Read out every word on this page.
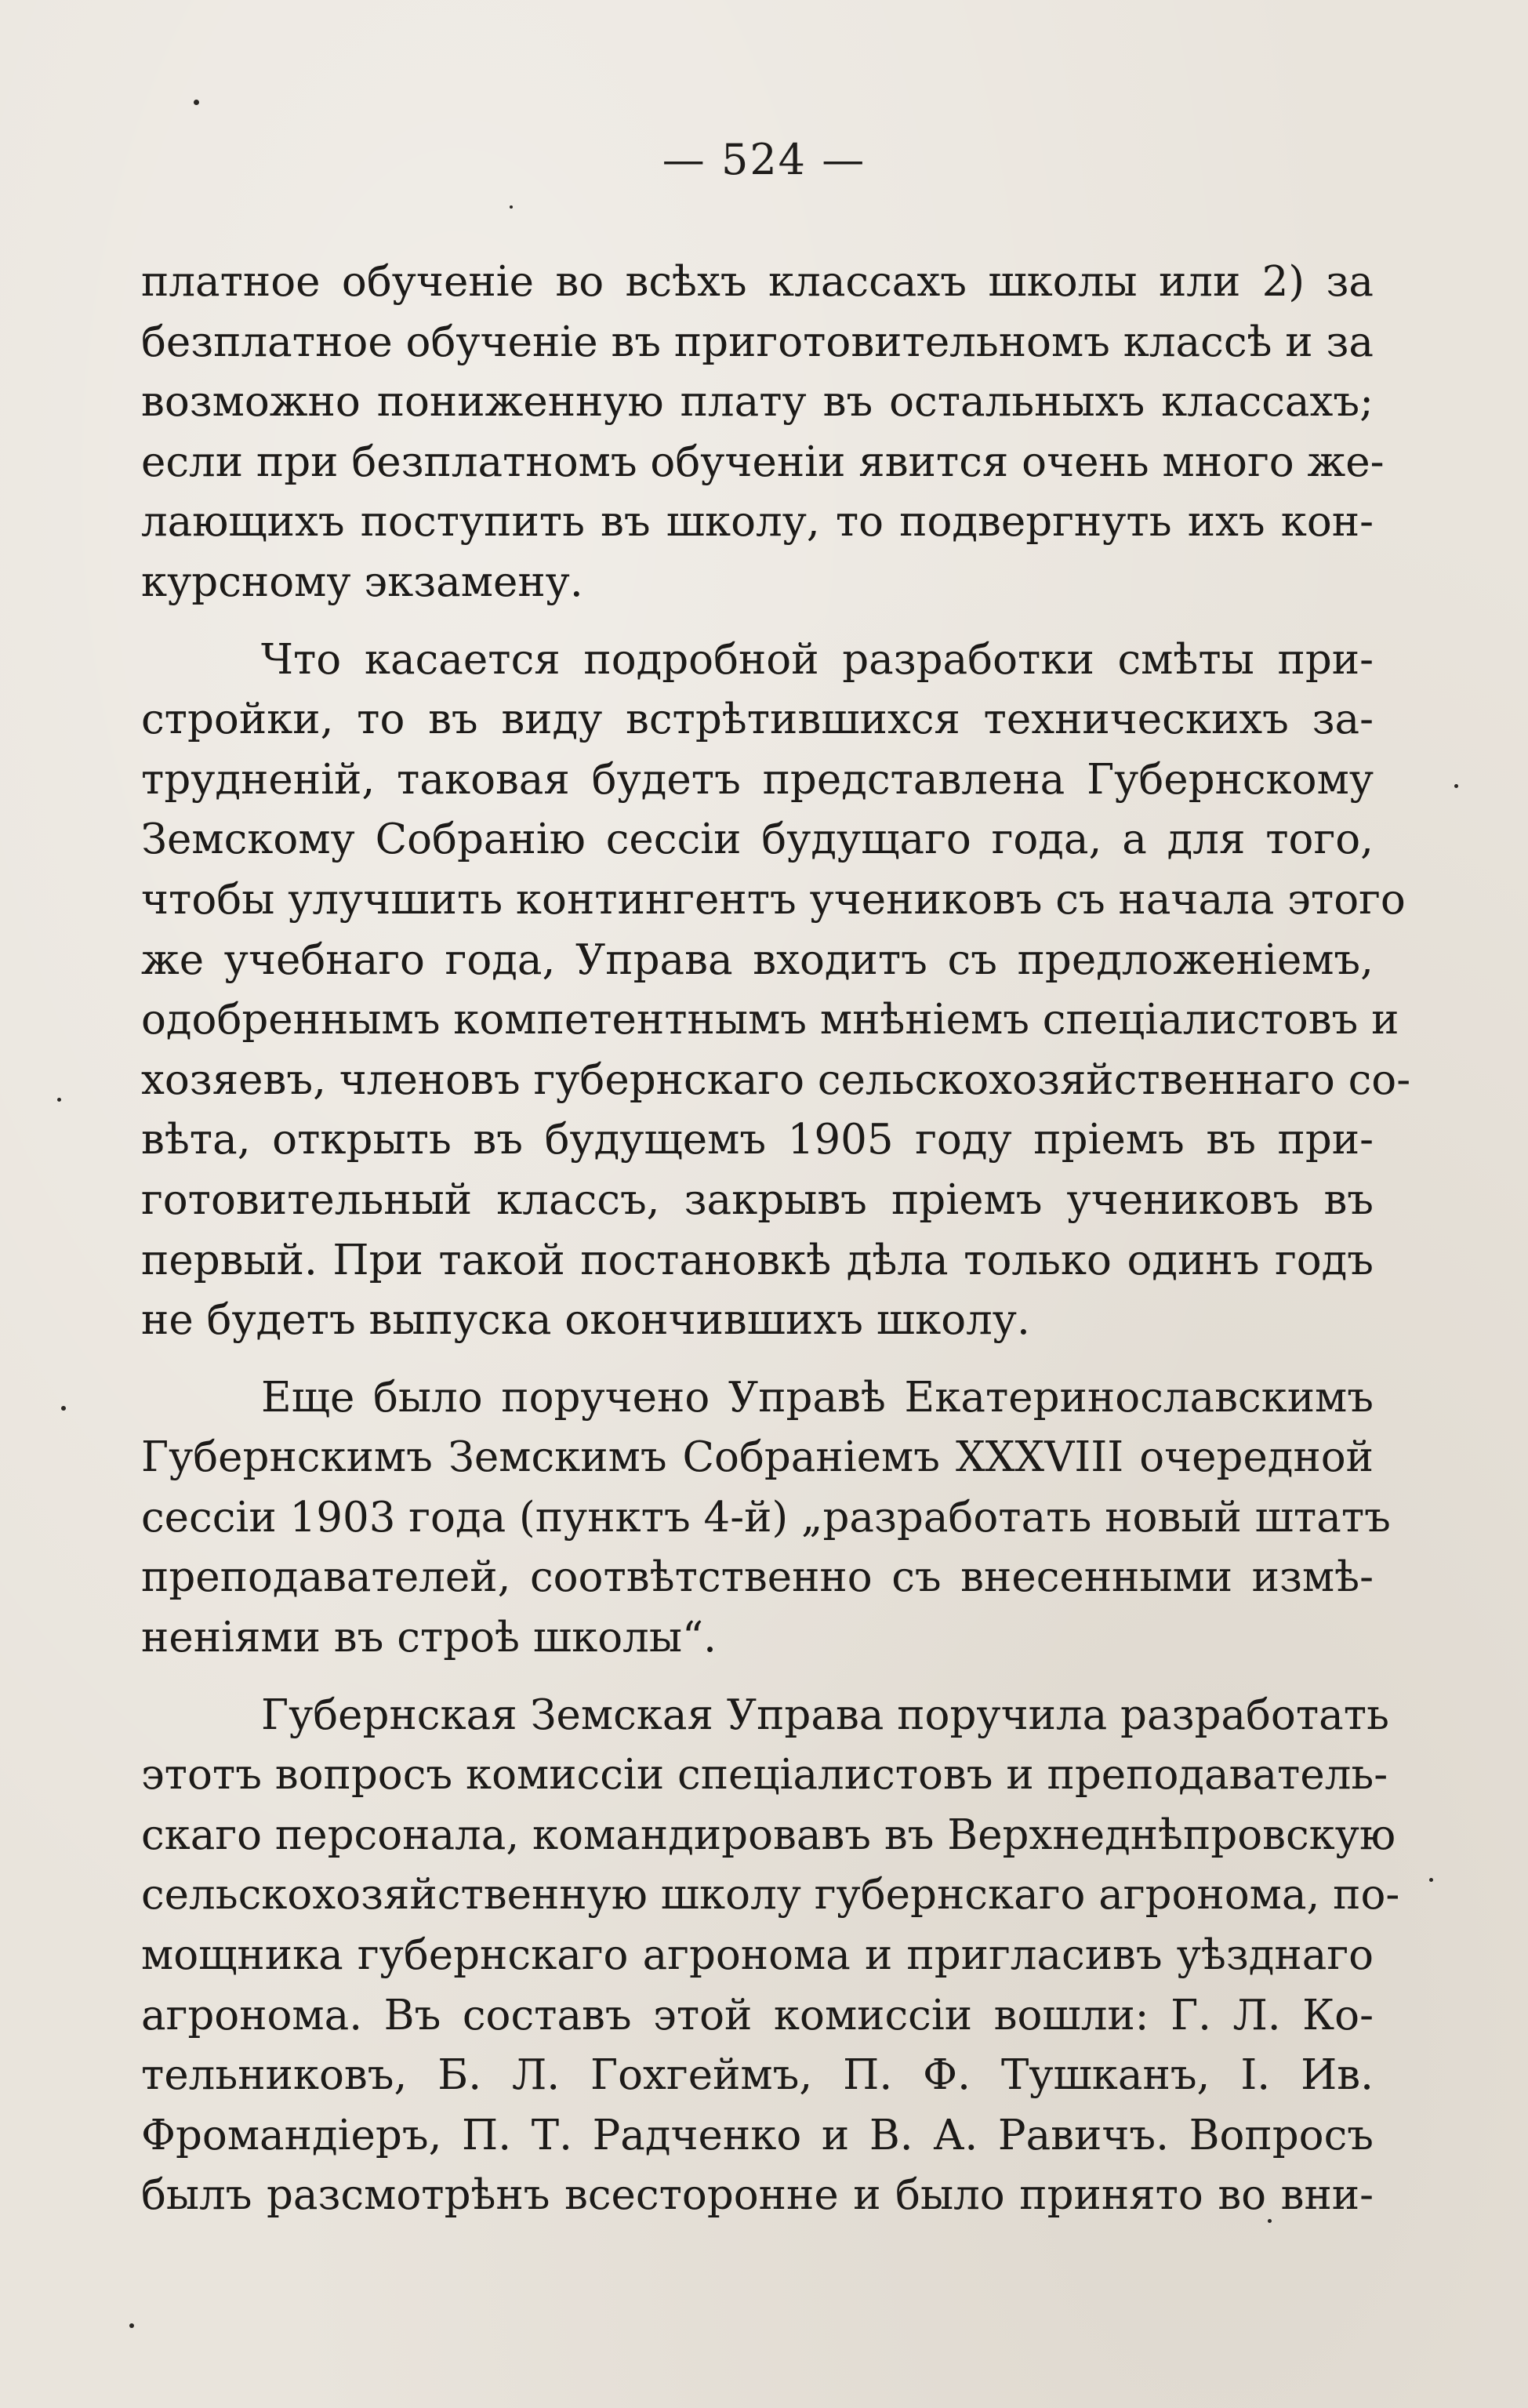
— 524 —
платное обученіе во всѣхъ классахъ школы или 2) за
безплатное обученіе въ приготовительномъ классѣ и за
возможно пониженную плату въ остальныхъ классахъ;
если при безплатномъ обученіи явится очень много же-
лающихъ поступить въ школу, то подвергнуть ихъ кон-
курсному экзамену.
Что касается подробной разработки смѣты при-
стройки, то въ виду встрѣтившихся техническихъ за-
трудненій, таковая будетъ представлена Губернскому
Земскому Собранію сессіи будущаго года, а для того,
чтобы улучшить контингентъ учениковъ съ начала этого
же учебнаго года, Управа входитъ съ предложеніемъ,
одобреннымъ компетентнымъ мнѣніемъ спеціалистовъ и
хозяевъ, членовъ губернскаго сельскохозяйственнаго со-
вѣта, открыть въ будущемъ 1905 году пріемъ въ при-
готовительный классъ, закрывъ пріемъ учениковъ въ
первый. При такой постановкѣ дѣла только одинъ годъ
не будетъ выпуска окончившихъ школу.
Еще было поручено Управѣ Екатеринославскимъ
Губернскимъ Земскимъ Собраніемъ XXXVIII очередной
сессіи 1903 года (пунктъ 4-й) „разработать новый штатъ
преподавателей, соотвѣтственно съ внесенными измѣ-
неніями въ строѣ школы“.
Губернская Земская Управа поручила разработать
этотъ вопросъ комиссіи спеціалистовъ и преподаватель-
скаго персонала, командировавъ въ Верхнеднѣпровскую
сельскохозяйственную школу губернскаго агронома, по-
мощника губернскаго агронома и пригласивъ уѣзднаго
агронома. Въ составъ этой комиссіи вошли: Г. Л. Ко-
тельниковъ, Б. Л. Гохгеймъ, П. Ф. Тушканъ, І. Ив.
Фромандіеръ, П. Т. Радченко и В. А. Равичъ. Вопросъ
былъ разсмотрѣнъ всесторонне и было принято во вни-
